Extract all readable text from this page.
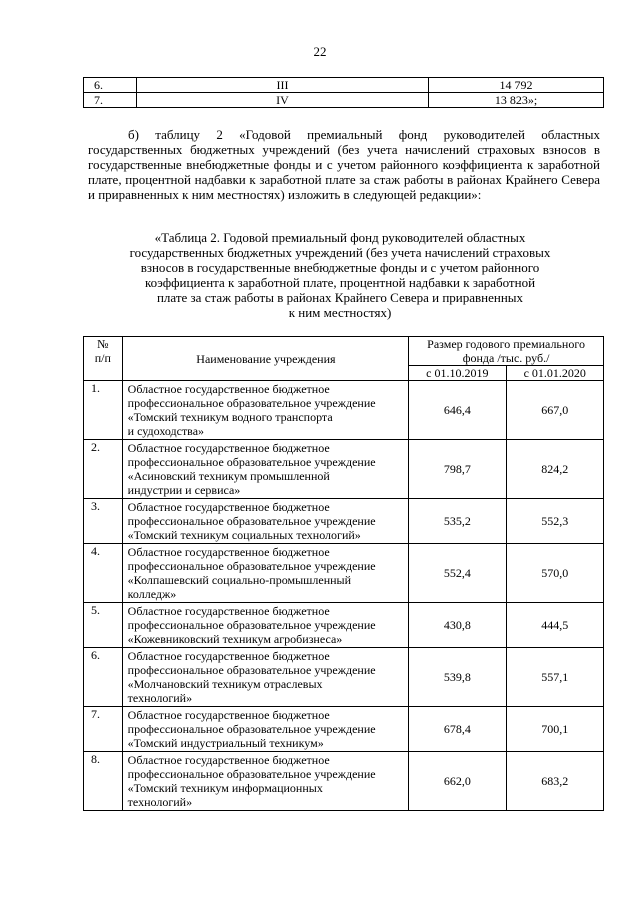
22
6.	III	14 792
7.	IV	13 823»;
б) таблицу 2 «Годовой премиальный фонд руководителей областных государственных бюджетных учреждений (без учета начислений страховых взносов в государственные внебюджетные фонды и с учетом районного коэффициента к заработной плате, процентной надбавки к заработной плате за стаж работы в районах Крайнего Севера и приравненных к ним местностях) изложить в следующей редакции»:
«Таблица 2. Годовой премиальный фонд руководителей областных
государственных бюджетных учреждений (без учета начислений страховых
взносов в государственные внебюджетные фонды и с учетом районного
коэффициента к заработной плате, процентной надбавки к заработной
плате за стаж работы в районах Крайнего Севера и приравненных
к ним местностях)
№
п/п	Наименование учреждения	Размер годового премиального фонда /тыс. руб./	
		с 01.10.2019	с 01.01.2020
1.	Областное государственное бюджетное
профессиональное образовательное учреждение
«Томский техникум водного транспорта
и судоходства»	646,4	667,0
2.	Областное государственное бюджетное
профессиональное образовательное учреждение
«Асиновский техникум промышленной
индустрии и сервиса»	798,7	824,2
3.	Областное государственное бюджетное
профессиональное образовательное учреждение
«Томский техникум социальных технологий»	535,2	552,3
4.	Областное государственное бюджетное
профессиональное образовательное учреждение
«Колпашевский социально-промышленный
колледж»	552,4	570,0
5.	Областное государственное бюджетное
профессиональное образовательное учреждение
«Кожевниковский техникум агробизнеса»	430,8	444,5
6.	Областное государственное бюджетное
профессиональное образовательное учреждение
«Молчановский техникум отраслевых
технологий»	539,8	557,1
7.	Областное государственное бюджетное
профессиональное образовательное учреждение
«Томский индустриальный техникум»	678,4	700,1
8.	Областное государственное бюджетное
профессиональное образовательное учреждение
«Томский техникум информационных
технологий»	662,0	683,2
